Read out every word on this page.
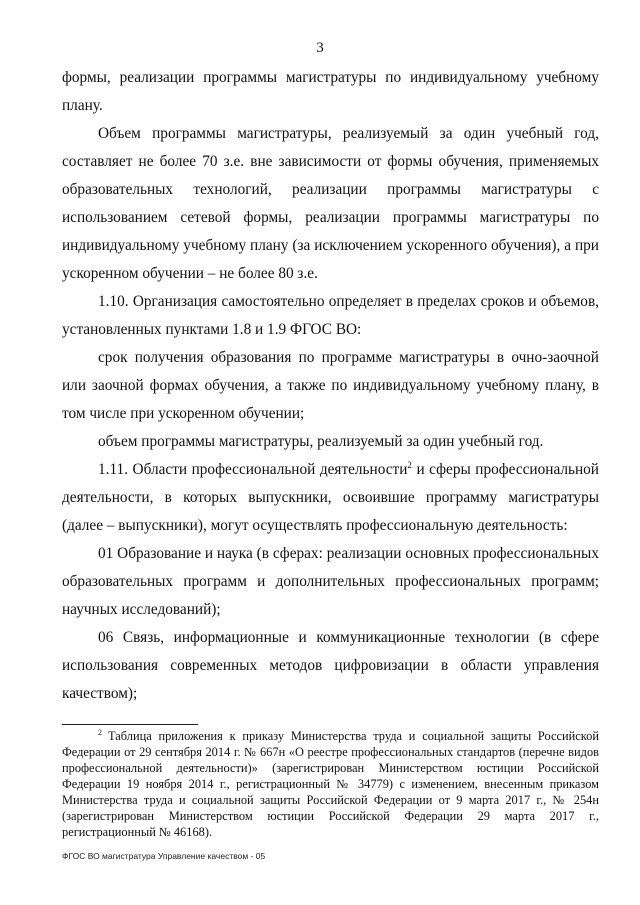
3

формы, реализации программы магистратуры по индивидуальному учебному плану.

Объем программы магистратуры, реализуемый за один учебный год, составляет не более 70 з.е. вне зависимости от формы обучения, применяемых образовательных технологий, реализации программы магистратуры с использованием сетевой формы, реализации программы магистратуры по индивидуальному учебному плану (за исключением ускоренного обучения), а при ускоренном обучении – не более 80 з.е.

1.10. Организация самостоятельно определяет в пределах сроков и объемов, установленных пунктами 1.8 и 1.9 ФГОС ВО:

срок получения образования по программе магистратуры в очно-заочной или заочной формах обучения, а также по индивидуальному учебному плану, в том числе при ускоренном обучении;

объем программы магистратуры, реализуемый за один учебный год.

1.11. Области профессиональной деятельности$^2$ и сферы профессиональной деятельности, в которых выпускники, освоившие программу магистратуры (далее – выпускники), могут осуществлять профессиональную деятельность:

01 Образование и наука (в сферах: реализации основных профессиональных образовательных программ и дополнительных профессиональных программ; научных исследований);

06 Связь, информационные и коммуникационные технологии (в сфере использования современных методов цифровизации в области управления качеством);

$^2$ Таблица приложения к приказу Министерства труда и социальной защиты Российской Федерации от 29 сентября 2014 г. № 667н «О реестре профессиональных стандартов (перечне видов профессиональной деятельности)» (зарегистрирован Министерством юстиции Российской Федерации 19 ноября 2014 г., регистрационный № 34779) с изменением, внесенным приказом Министерства труда и социальной защиты Российской Федерации от 9 марта 2017 г., № 254н (зарегистрирован Министерством юстиции Российской Федерации 29 марта 2017 г., регистрационный № 46168).
ФГОС ВО магистратура Управление качеством - 05
